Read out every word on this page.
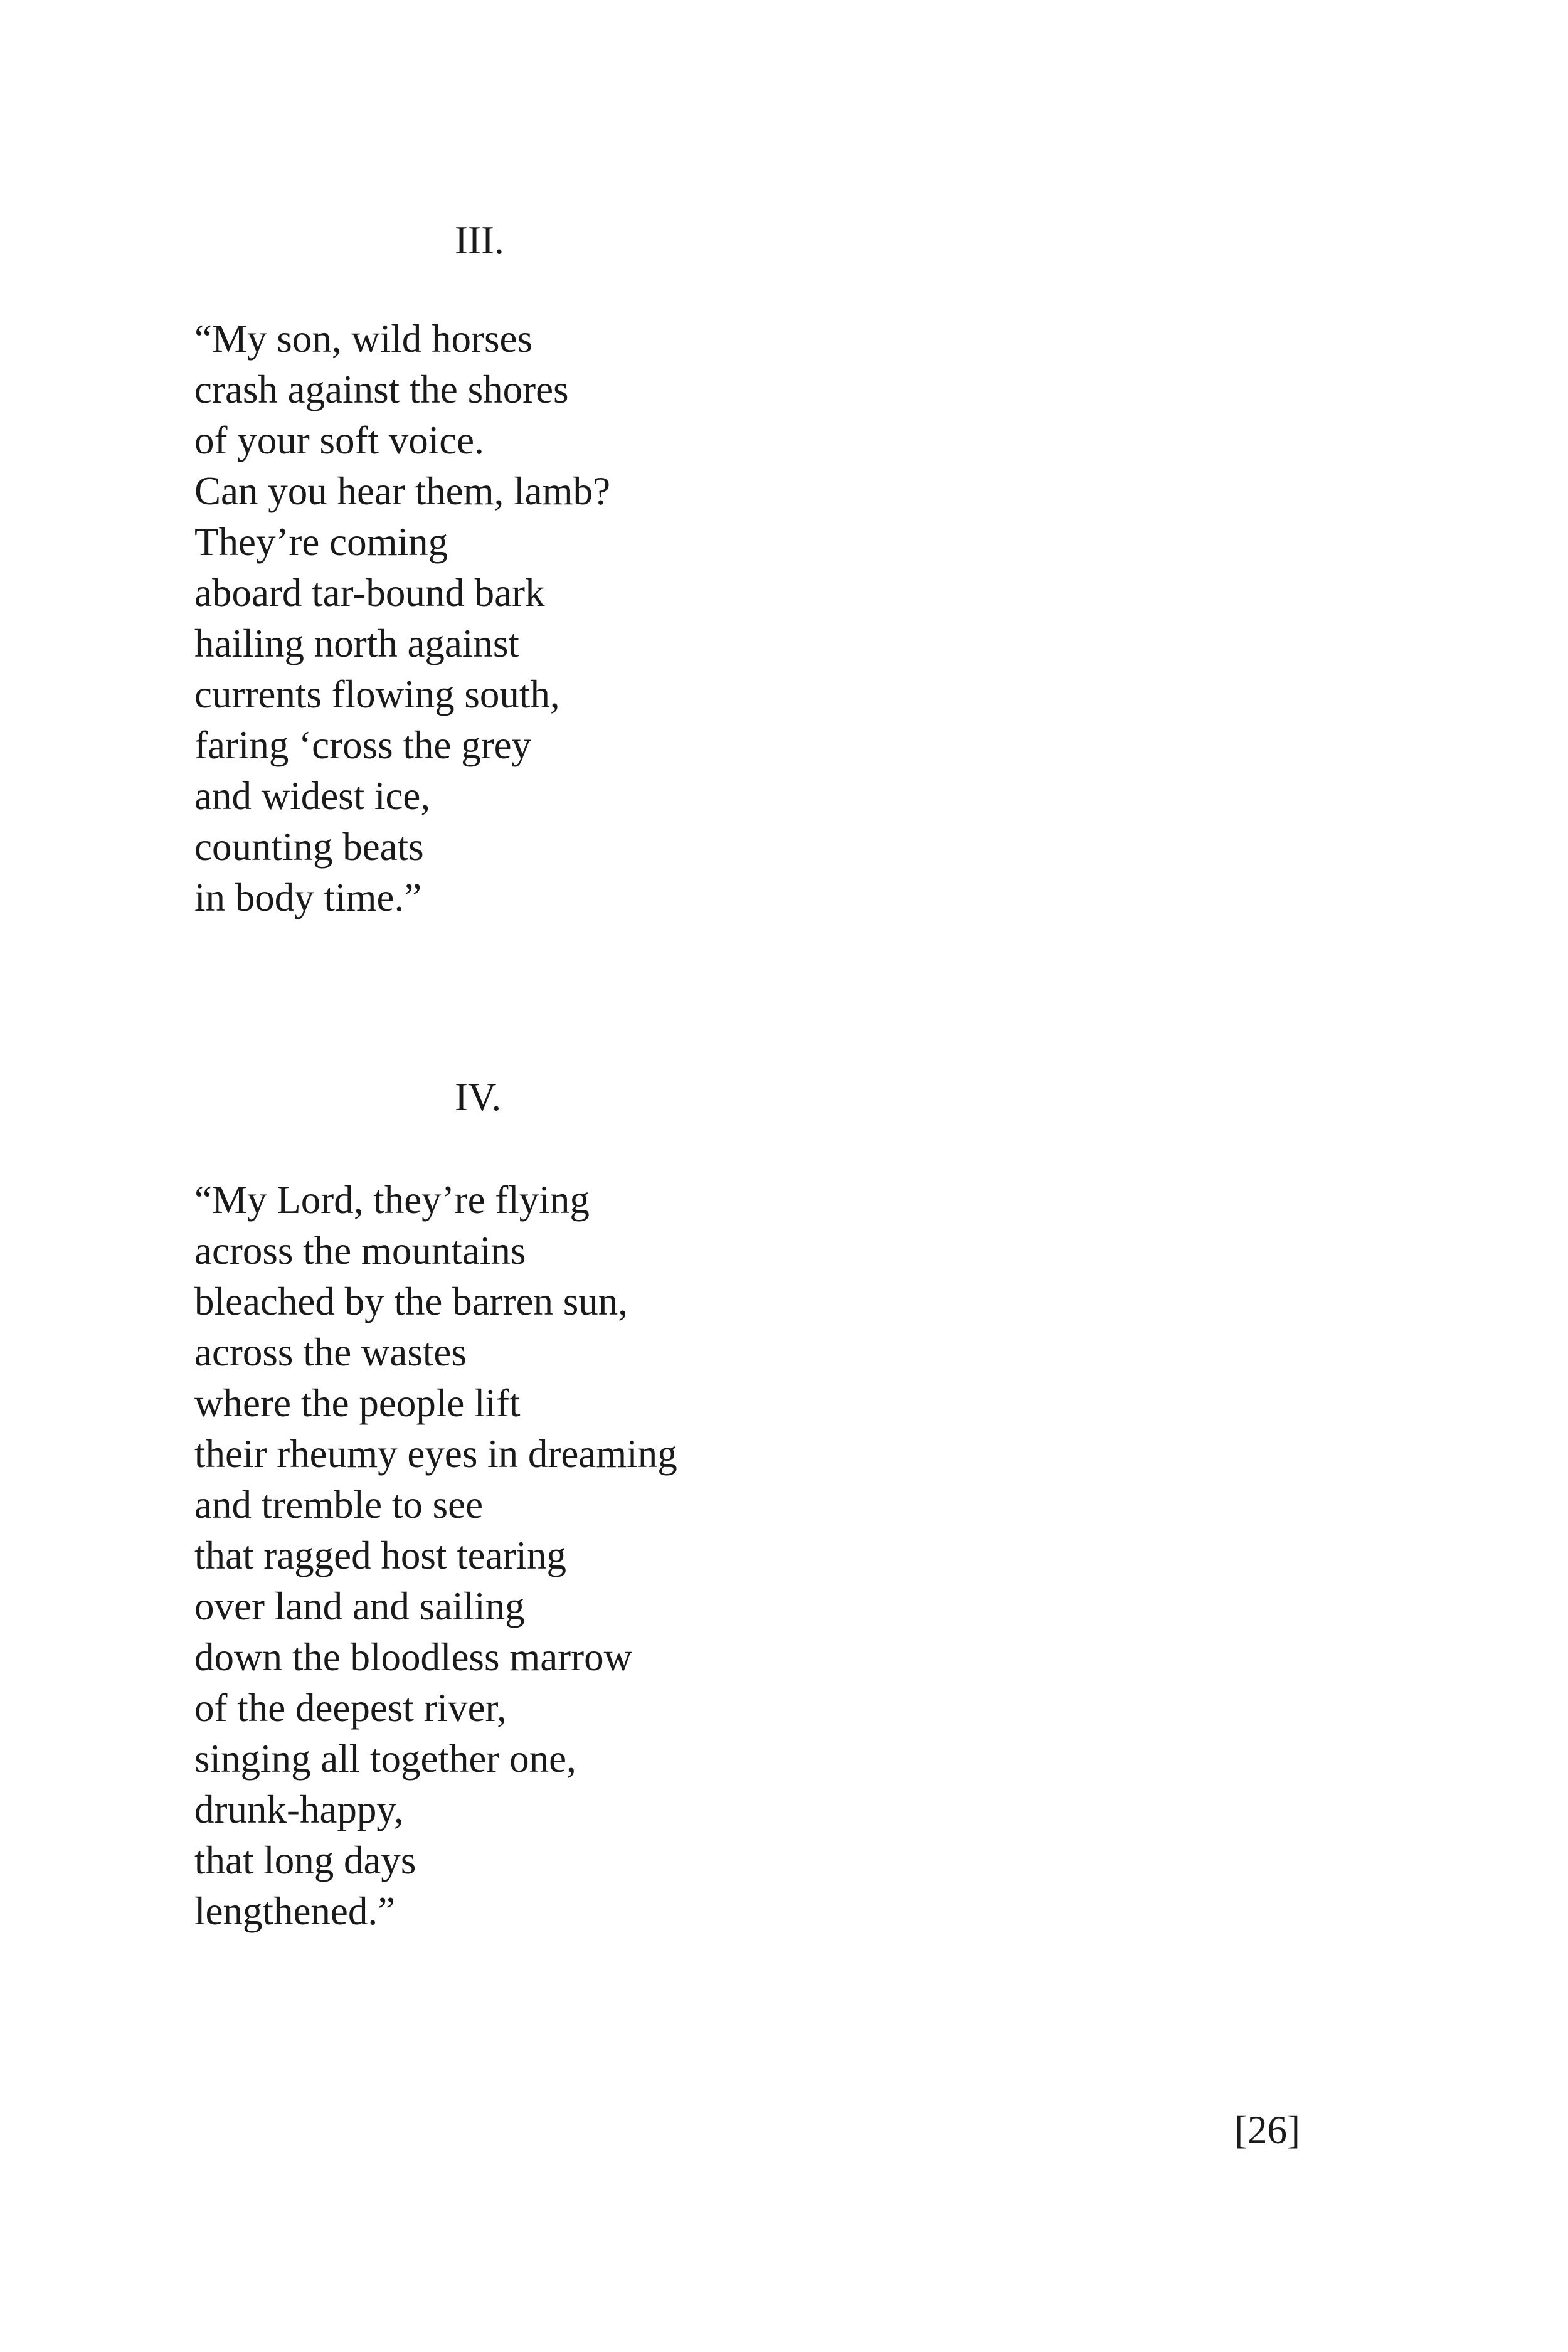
III.
“My son, wild horses
crash against the shores
of your soft voice.
Can you hear them, lamb?
They’re coming
aboard tar-bound bark
hailing north against
currents flowing south,
faring ‘cross the grey
and widest ice,
counting beats
in body time.”
IV.
“My Lord, they’re flying
across the mountains
bleached by the barren sun,
across the wastes
where the people lift
their rheumy eyes in dreaming
and tremble to see
that ragged host tearing
over land and sailing
down the bloodless marrow
of the deepest river,
singing all together one,
drunk-happy,
that long days
lengthened.”
[26]
